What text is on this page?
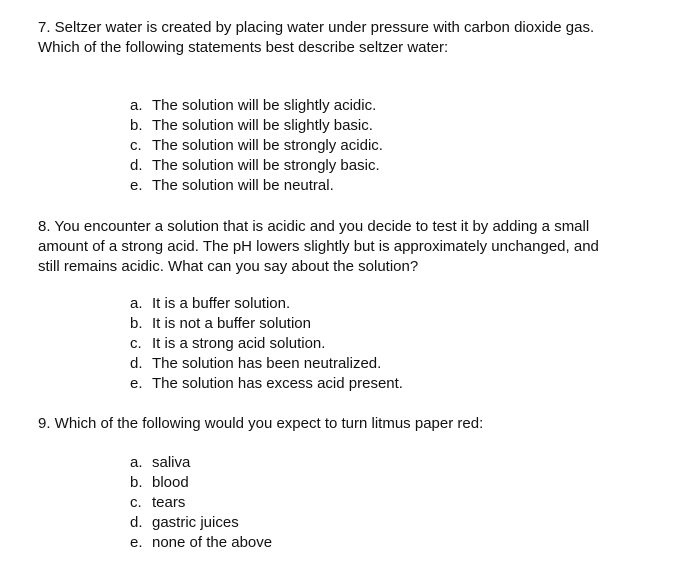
7. Seltzer water is created by placing water under pressure with carbon dioxide gas.
Which of the following statements best describe seltzer water:
a. The solution will be slightly acidic.
b. The solution will be slightly basic.
c. The solution will be strongly acidic.
d. The solution will be strongly basic.
e. The solution will be neutral.
8. You encounter a solution that is acidic and you decide to test it by adding a small
amount of a strong acid. The pH lowers slightly but is approximately unchanged, and
still remains acidic. What can you say about the solution?
a. It is a buffer solution.
b. It is not a buffer solution
c. It is a strong acid solution.
d. The solution has been neutralized.
e. The solution has excess acid present.
9. Which of the following would you expect to turn litmus paper red:
a. saliva
b. blood
c. tears
d. gastric juices
e. none of the above
